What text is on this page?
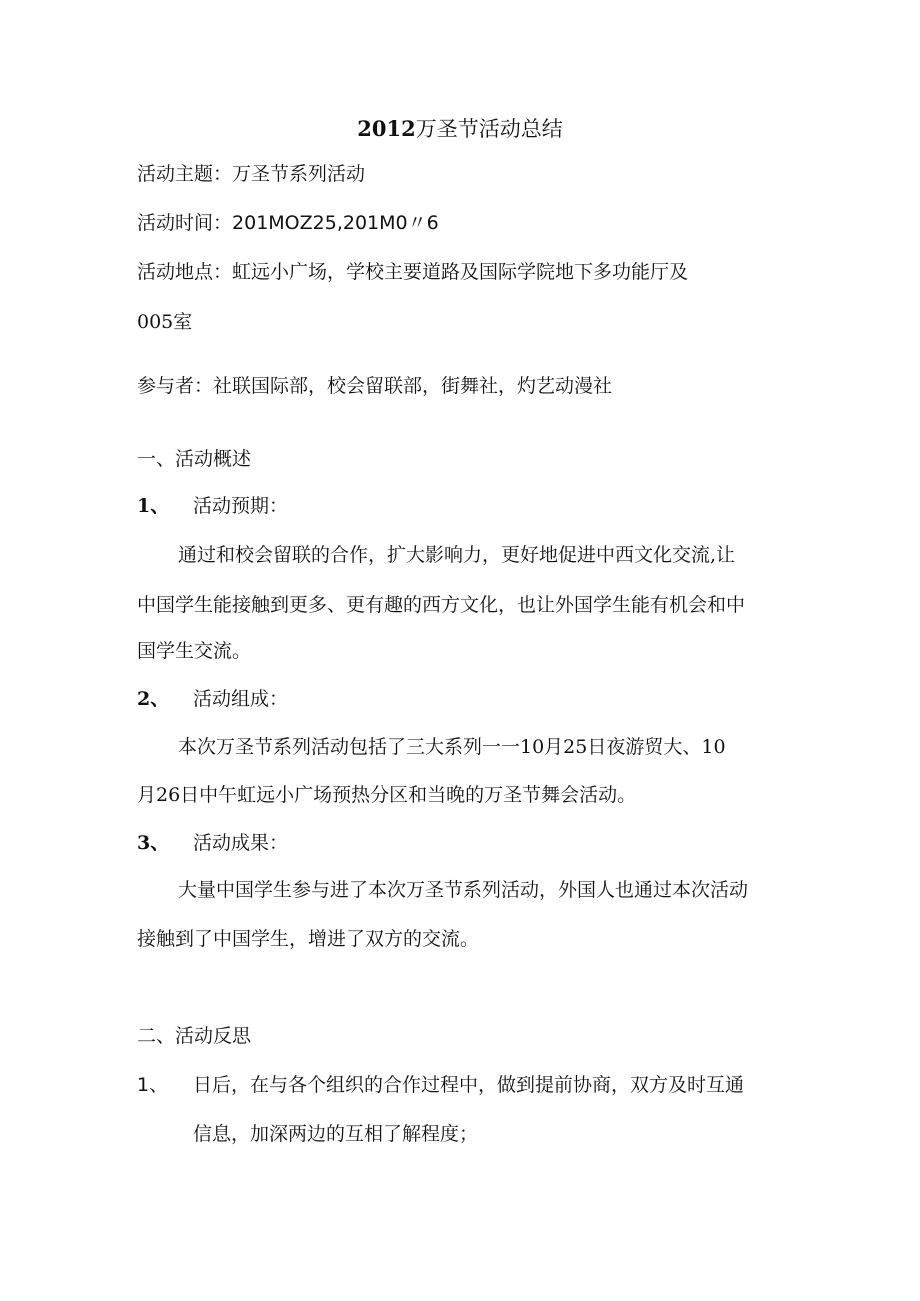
2012万圣节活动总结
活动主题：万圣节系列活动
活动时间：201MOZ25,201M0〃6
活动地点：虹远小广场，学校主要道路及国际学院地下多功能厅及
005室
参与者：社联国际部，校会留联部，街舞社，灼艺动漫社
一、活动概述
1、 活动预期：
通过和校会留联的合作，扩大影响力，更好地促进中西文化交流,让
中国学生能接触到更多、更有趣的西方文化，也让外国学生能有机会和中
国学生交流。
2、 活动组成：
本次万圣节系列活动包括了三大系列一一10月25日夜游贸大、10
月26日中午虹远小广场预热分区和当晚的万圣节舞会活动。
3、 活动成果：
大量中国学生参与进了本次万圣节系列活动，外国人也通过本次活动
接触到了中国学生，增进了双方的交流。
二、活动反思
1、 日后，在与各个组织的合作过程中，做到提前协商，双方及时互通
信息，加深两边的互相了解程度；
